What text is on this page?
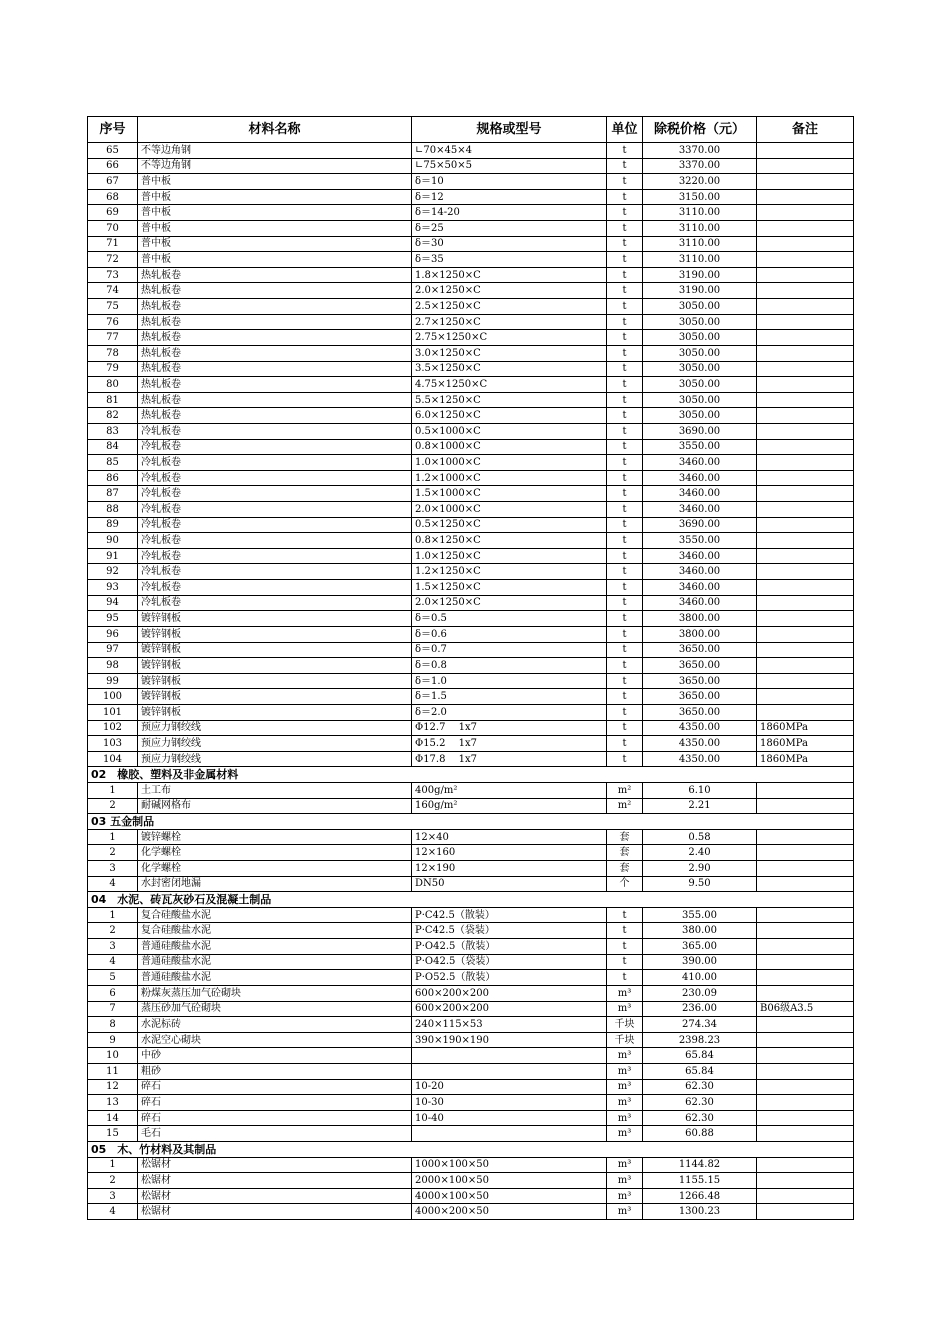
序号	材料名称	规格或型号	单位	除税价格（元）	备注
65	不等边角钢	∟70×45×4	t	3370.00	
66	不等边角钢	∟75×50×5	t	3370.00	
67	普中板	δ＝10	t	3220.00	
68	普中板	δ＝12	t	3150.00	
69	普中板	δ＝14-20	t	3110.00	
70	普中板	δ＝25	t	3110.00	
71	普中板	δ＝30	t	3110.00	
72	普中板	δ＝35	t	3110.00	
73	热轧板卷	1.8×1250×C	t	3190.00	
74	热轧板卷	2.0×1250×C	t	3190.00	
75	热轧板卷	2.5×1250×C	t	3050.00	
76	热轧板卷	2.7×1250×C	t	3050.00	
77	热轧板卷	2.75×1250×C	t	3050.00	
78	热轧板卷	3.0×1250×C	t	3050.00	
79	热轧板卷	3.5×1250×C	t	3050.00	
80	热轧板卷	4.75×1250×C	t	3050.00	
81	热轧板卷	5.5×1250×C	t	3050.00	
82	热轧板卷	6.0×1250×C	t	3050.00	
83	冷轧板卷	0.5×1000×C	t	3690.00	
84	冷轧板卷	0.8×1000×C	t	3550.00	
85	冷轧板卷	1.0×1000×C	t	3460.00	
86	冷轧板卷	1.2×1000×C	t	3460.00	
87	冷轧板卷	1.5×1000×C	t	3460.00	
88	冷轧板卷	2.0×1000×C	t	3460.00	
89	冷轧板卷	0.5×1250×C	t	3690.00	
90	冷轧板卷	0.8×1250×C	t	3550.00	
91	冷轧板卷	1.0×1250×C	t	3460.00	
92	冷轧板卷	1.2×1250×C	t	3460.00	
93	冷轧板卷	1.5×1250×C	t	3460.00	
94	冷轧板卷	2.0×1250×C	t	3460.00	
95	镀锌钢板	δ＝0.5	t	3800.00	
96	镀锌钢板	δ＝0.6	t	3800.00	
97	镀锌钢板	δ＝0.7	t	3650.00	
98	镀锌钢板	δ＝0.8	t	3650.00	
99	镀锌钢板	δ＝1.0	t	3650.00	
100	镀锌钢板	δ＝1.5	t	3650.00	
101	镀锌钢板	δ＝2.0	t	3650.00	
102	预应力钢绞线	Φ12.7　 1x7	t	4350.00	1860MPa
103	预应力钢绞线	Φ15.2　 1x7	t	4350.00	1860MPa
104	预应力钢绞线	Φ17.8　 1x7	t	4350.00	1860MPa
02　橡胶、塑料及非金属材料					
1	土工布	400g/m²	m²	6.10	
2	耐碱网格布	160g/m²	m²	2.21	
03 五金制品					
1	镀锌螺栓	12×40	套	0.58	
2	化学螺栓	12×160	套	2.40	
3	化学螺栓	12×190	套	2.90	
4	水封密闭地漏	DN50	个	9.50	
04　水泥、砖瓦灰砂石及混凝土制品					
1	复合硅酸盐水泥	P·C42.5（散装）	t	355.00	
2	复合硅酸盐水泥	P·C42.5（袋装）	t	380.00	
3	普通硅酸盐水泥	P·O42.5（散装）	t	365.00	
4	普通硅酸盐水泥	P·O42.5（袋装）	t	390.00	
5	普通硅酸盐水泥	P·O52.5（散装）	t	410.00	
6	粉煤灰蒸压加气砼砌块	600×200×200	m³	230.09	
7	蒸压砂加气砼砌块	600×200×200	m³	236.00	B06级A3.5
8	水泥标砖	240×115×53	千块	274.34	
9	水泥空心砌块	390×190×190	千块	2398.23	
10	中砂		m³	65.84	
11	粗砂		m³	65.84	
12	碎石	10-20	m³	62.30	
13	碎石	10-30	m³	62.30	
14	碎石	10-40	m³	62.30	
15	毛石		m³	60.88	
05　木、竹材料及其制品					
1	松锯材	1000×100×50	m³	1144.82	
2	松锯材	2000×100×50	m³	1155.15	
3	松锯材	4000×100×50	m³	1266.48	
4	松锯材	4000×200×50	m³	1300.23	
